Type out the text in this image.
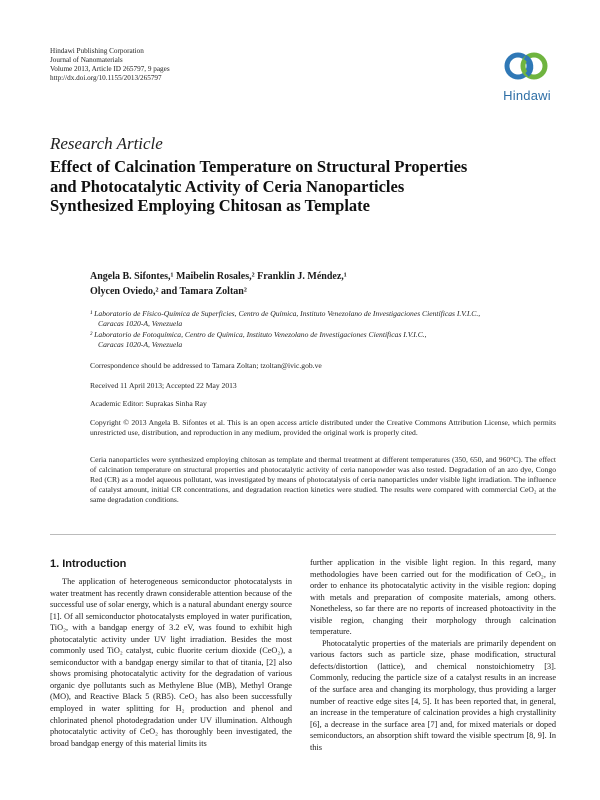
Hindawi Publishing Corporation
Journal of Nanomaterials
Volume 2013, Article ID 265797, 9 pages
http://dx.doi.org/10.1155/2013/265797
Hindawi
Research Article
Effect of Calcination Temperature on Structural Properties and Photocatalytic Activity of Ceria Nanoparticles Synthesized Employing Chitosan as Template
Angela B. Sifontes,¹ Maibelin Rosales,² Franklin J. Méndez,¹
Olycen Oviedo,² and Tamara Zoltan²

¹ Laboratorio de Físico-Química de Superficies, Centro de Química, Instituto Venezolano de Investigaciones Científicas I.V.I.C.,

Caracas 1020-A, Venezuela

² Laboratorio de Fotoquímica, Centro de Química, Instituto Venezolano de Investigaciones Científicas I.V.I.C.,

Caracas 1020-A, Venezuela

Correspondence should be addressed to Tamara Zoltan; tzoltan@ivic.gob.ve
Received 11 April 2013; Accepted 22 May 2013
Academic Editor: Suprakas Sinha Ray
Copyright © 2013 Angela B. Sifontes et al. This is an open access article distributed under the Creative Commons Attribution License, which permits unrestricted use, distribution, and reproduction in any medium, provided the original work is properly cited.
Ceria nanoparticles were synthesized employing chitosan as template and thermal treatment at different temperatures (350, 650, and 960°C). The effect of calcination temperature on structural properties and photocatalytic activity of ceria nanopowder was also tested. Degradation of an azo dye, Congo Red (CR) as a model aqueous pollutant, was investigated by means of photocatalysis of ceria nanoparticles under visible light irradiation. The influence of catalyst amount, initial CR concentrations, and degradation reaction kinetics were studied. The results were compared with commercial CeO₂ at the same degradation conditions.
1. Introduction

The application of heterogeneous semiconductor photocatalysts in water treatment has recently drawn considerable attention because of the successful use of solar energy, which is a natural abundant energy source [1]. Of all semiconductor photocatalysts employed in water purification, TiO₂, with a bandgap energy of 3.2 eV, was found to exhibit high photocatalytic activity under UV light irradiation. Besides the most commonly used TiO₂ catalyst, cubic fluorite cerium dioxide (CeO₂), a semiconductor with a bandgap energy similar to that of titania, [2] also shows promising photocatalytic activity for the degradation of various organic dye pollutants such as Methylene Blue (MB), Methyl Orange (MO), and Reactive Black 5 (RB5). CeO₂ has also been successfully employed in water splitting for H₂ production and phenol and chlorinated phenol photodegradation under UV illumination. Although photocatalytic activity of CeO₂ has thoroughly been investigated, the broad bandgap energy of this material limits its

further application in the visible light region. In this regard, many methodologies have been carried out for the modification of CeO₂, in order to enhance its photocatalytic activity in the visible region: doping with metals and preparation of composite materials, among others. Nonetheless, so far there are no reports of increased photoactivity in the visible region, changing their morphology through calcination temperature.

Photocatalytic properties of the materials are primarily dependent on various factors such as particle size, phase modification, structural defects/distortion (lattice), and chemical nonstoichiometry [3]. Commonly, reducing the particle size of a catalyst results in an increase of the surface area and changing its morphology, thus providing a larger number of reactive edge sites [4, 5]. It has been reported that, in general, an increase in the temperature of calcination provides a high crystallinity [6], a decrease in the surface area [7] and, for mixed materials or doped semiconductors, an absorption shift toward the visible spectrum [8, 9]. In this
